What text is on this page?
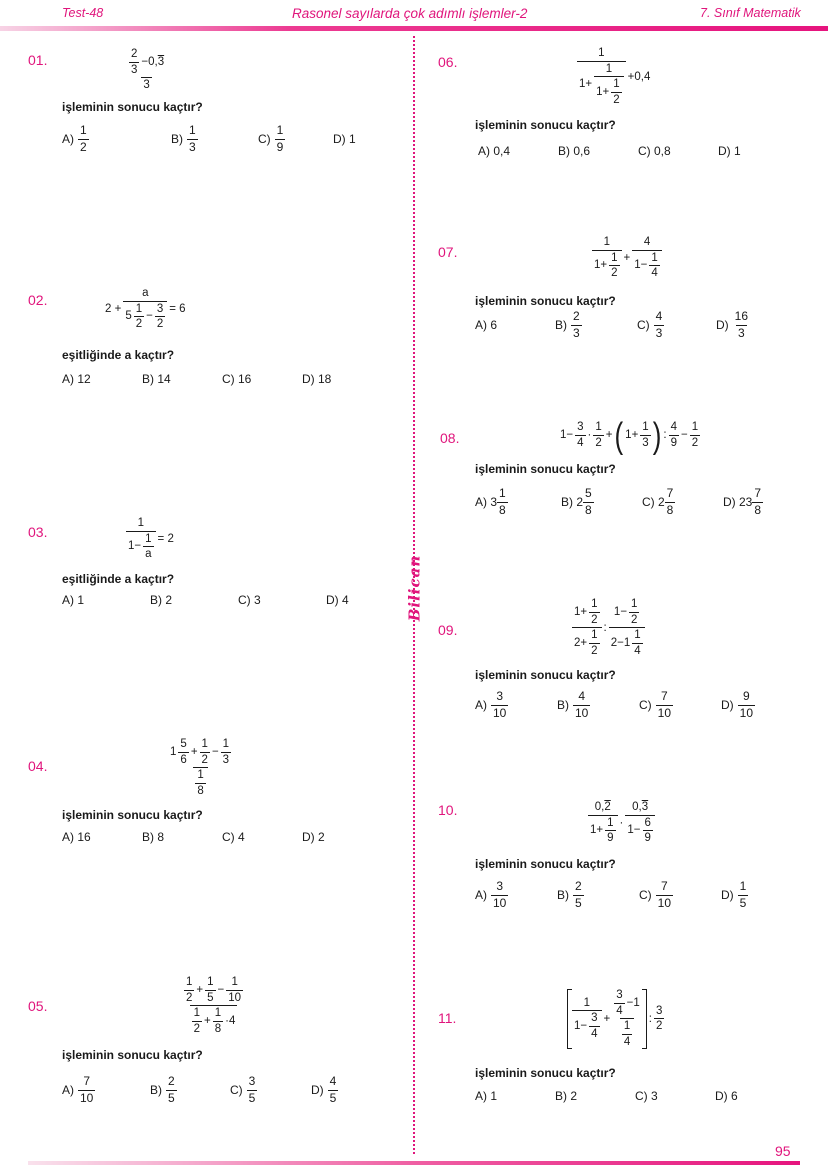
Test-48	Rasonel sayılarda çok adımlı işlemler-2	7. Sınıf Matematik
Bilican
01.	2
3
−0,3
3
işleminin sonucu kaçtır?
A)
1
2
B)
1
3
C)
1
9
D) 1
02.
2 +
a
5
1
2
−
3
2
= 6
eşitliğinde a kaçtır?
A) 12	B) 14	C) 16	D) 18
03.
1
1−
1
a
= 2
eşitliğinde a kaçtır?
A) 1	B) 2	C) 3	D) 4
04.	1
5
6
+
1
2
−
1
3
$\frac{1}{8}$
işleminin sonucu kaçtır?
A) 16	B) 8	C) 4	D) 2
05.	1
2
+
1
5
−
1
10
1
2
+
1
8
·4
işleminin sonucu kaçtır?
A)
7
10
B)
2
5
C)
3
5
D)
4
5
06.
1
1+
1
1+
1
2
+0,4
işleminin sonucu kaçtır?
A) 0,4	B) 0,6	C) 0,8	D) 1
07.
1
1+
1
2
+
4
1−
1
4
işleminin sonucu kaçtır?
A) 6	B)
2
3
C)
4
3
D)
16
3
08.	1−
3
4
·
1
2
+ ( 1+
1
3 ) :
4
9
−
1
2
işleminin sonucu kaçtır?
A) 3
1
8
B) 2
5
8
C) 2
7
8
D) 23
7
8
09.
1+
1
2
2+
1
2
:
1−
1
2
2−1
1
4
işleminin sonucu kaçtır?
A)
3
10
B)
4
10
C)
7
10
D)
9
10
10.	0,2
1+
1
9
·
0,3
1−
6
9
işleminin sonucu kaçtır?
A)
3
10
B)
2
5
C)
7
10
D)
1
5
11.
1
1−
3
4
+
3
4
−1
$\frac{1}{4}$
:
3
2
işleminin sonucu kaçtır?
A) 1	B) 2	C) 3	D) 6
95
